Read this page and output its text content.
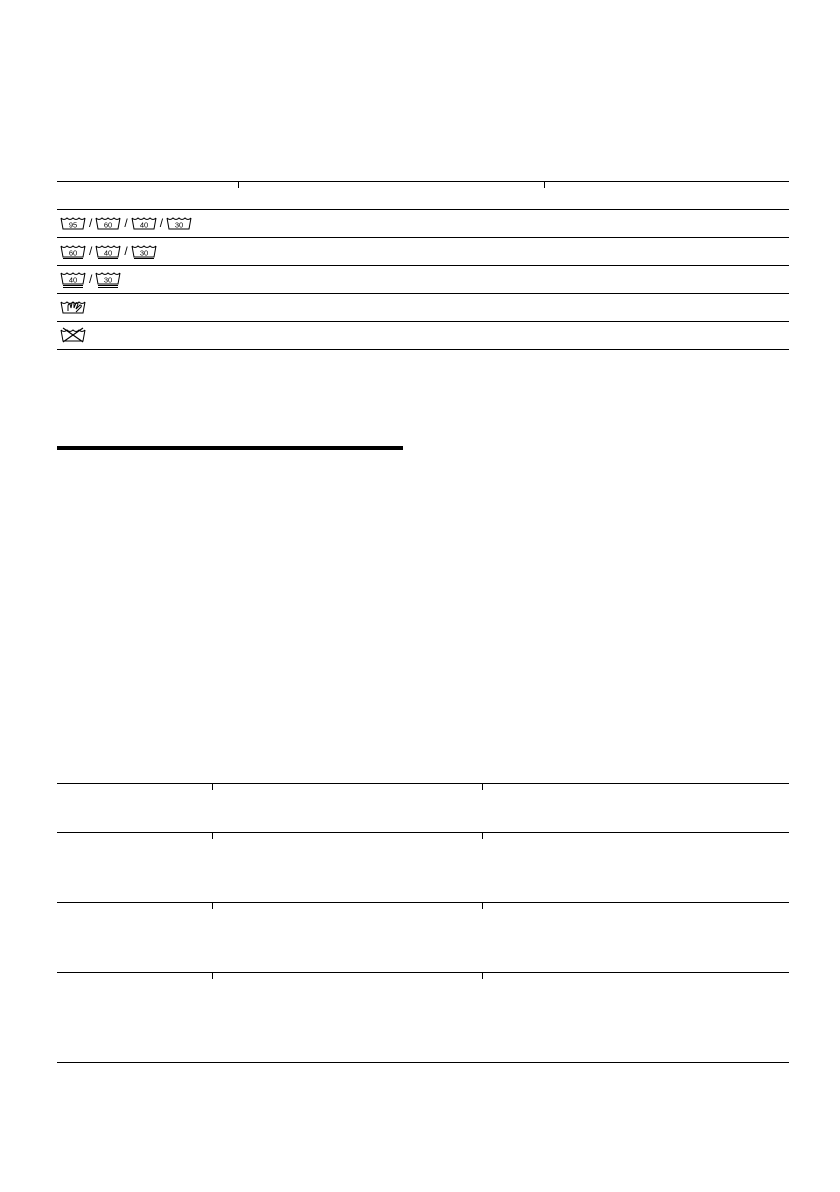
95 / 60 / 40 / 30
60 / 40 / 30
40 / 30
